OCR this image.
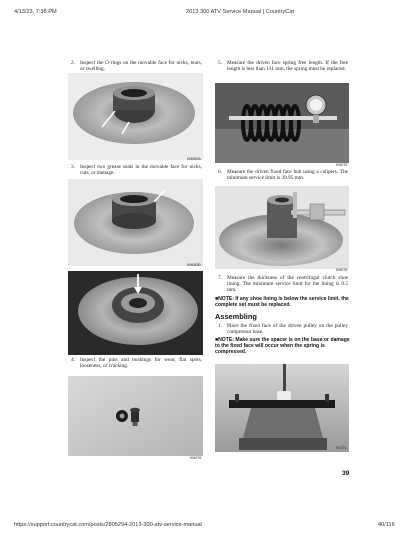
4/13/23, 7:38 PM	2013 300 ATV Service Manual | CountryCat
2. Inspect the O-rings on the movable face for nicks, tears, or swelling.
KM083A
3. Inspect two grease seals in the movable face for nicks, cuts, or damage.
KM083B
KM083C
4. Inspect the pins and bushings for wear, flat spots, looseness, or cracking.
KM076
5. Measure the driven face spring free length. If the free length is less than 131 mm, the spring must be replaced.
KM075
6. Measure the driven fixed face hub using a calipers. The minimum service limit is 39.95 mm.
KM078
7. Measure the thickness of the centrifugal clutch shoe lining. The minimum service limit for the lining is 0.5 mm.
■NOTE: If any shoe lining is below the service limit, the complete set must be replaced.
Assembling
1. Place the fixed face of the driven pulley on the pulley compressor base.
■NOTE: Make sure the spacer is on the base or damage to the fixed face will occur when the spring is compressed.
KX371
39
https://support.countrycat.com/posts/2805294-2013-300-atv-service-manual	40/116
